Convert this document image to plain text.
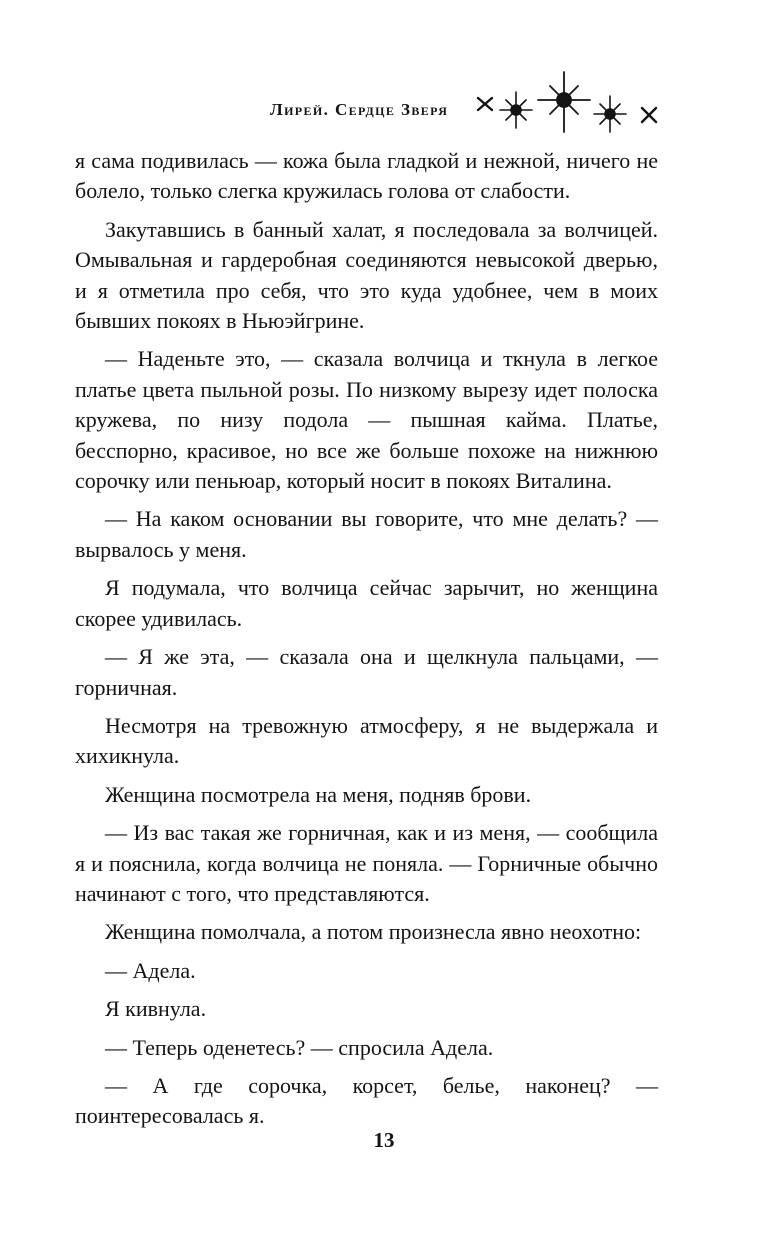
Лирей. Сердце Зверя

я сама подивилась — кожа была гладкой и нежной, ничего не болело, только слегка кружилась голова от слабости.

Закутавшись в банный халат, я последовала за волчицей. Омывальная и гардеробная соединяются невысокой дверью, и я отметила про себя, что это куда удобнее, чем в моих бывших покоях в Ньюэйгрине.

— Наденьте это, — сказала волчица и ткнула в легкое платье цвета пыльной розы. По низкому вырезу идет полоска кружева, по низу подола — пышная кайма. Платье, бесспорно, красивое, но все же больше похоже на нижнюю сорочку или пеньюар, который носит в покоях Виталина.

— На каком основании вы говорите, что мне делать? — вырвалось у меня.

Я подумала, что волчица сейчас зарычит, но женщина скорее удивилась.

— Я же эта, — сказала она и щелкнула пальцами, — горничная.

Несмотря на тревожную атмосферу, я не выдержала и хихикнула.

Женщина посмотрела на меня, подняв брови.

— Из вас такая же горничная, как и из меня, — сообщила я и пояснила, когда волчица не поняла. — Горничные обычно начинают с того, что представляются.

Женщина помолчала, а потом произнесла явно неохотно:

— Адела.

Я кивнула.

— Теперь оденетесь? — спросила Адела.

— А где сорочка, корсет, белье, наконец? — поинтересовалась я.

13
